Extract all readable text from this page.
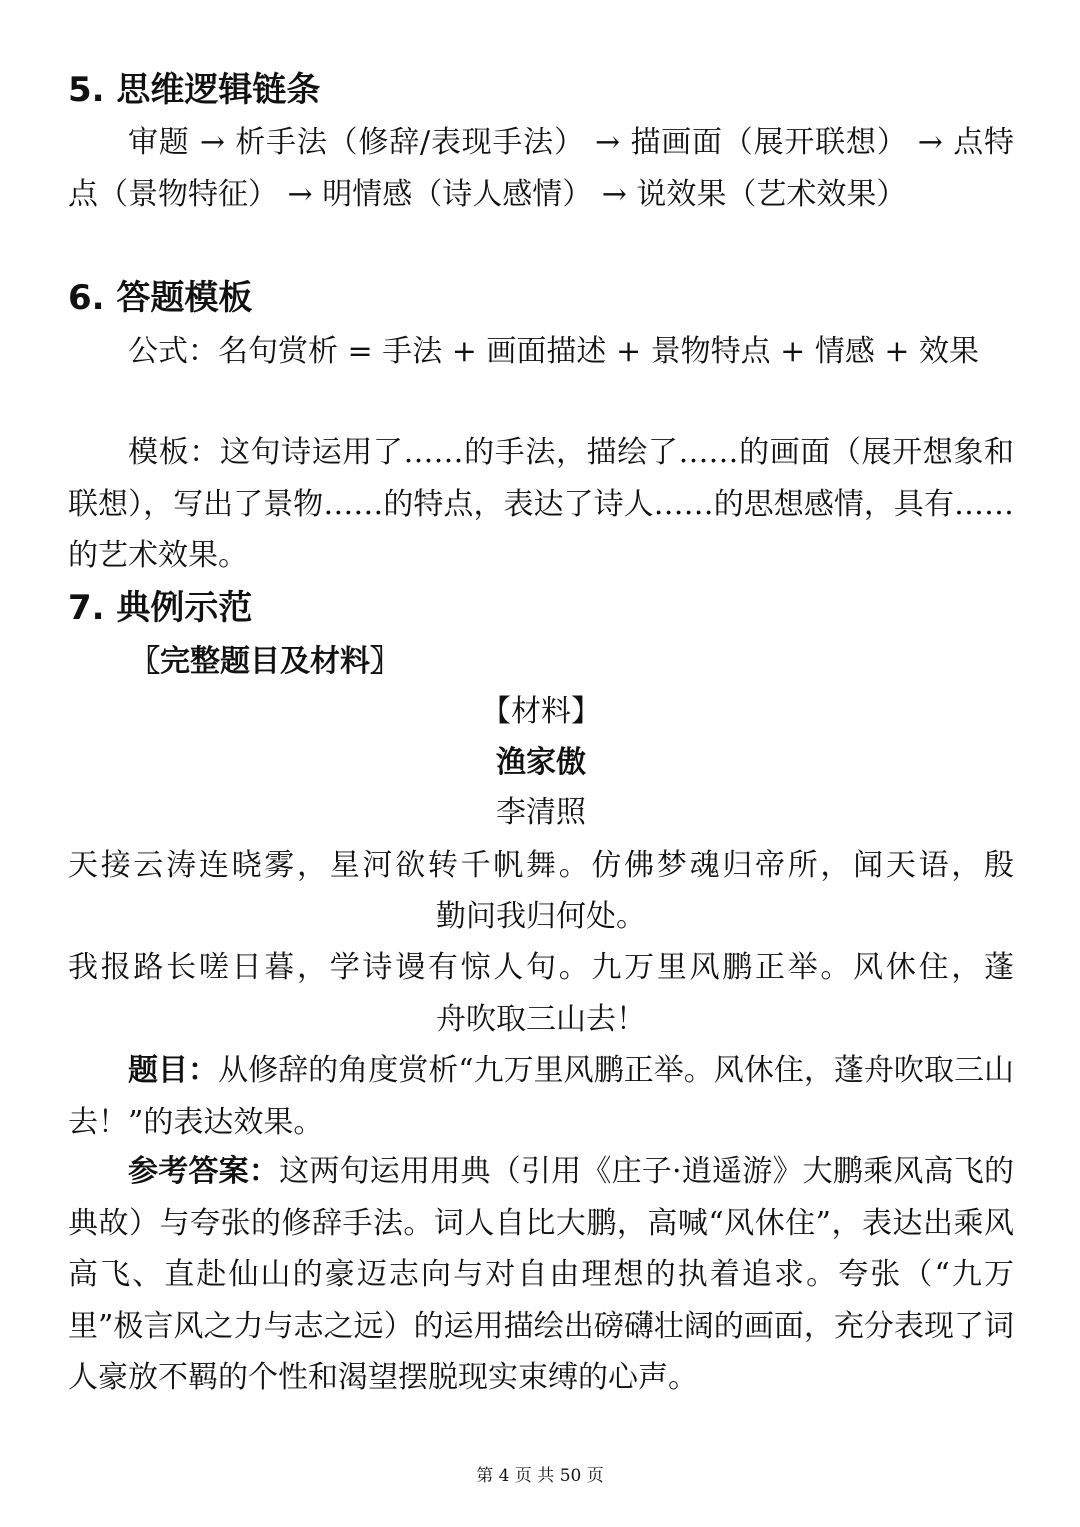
5. 思维逻辑链条

审题 → 析手法（修辞/表现手法） → 描画面（展开联想） → 点特点（景物特征） → 明情感（诗人感情） → 说效果（艺术效果）

6. 答题模板

公式：名句赏析 = 手法 + 画面描述 + 景物特点 + 情感 + 效果

模板：这句诗运用了……的手法，描绘了……的画面（展开想象和联想），写出了景物……的特点，表达了诗人……的思想感情，具有……的艺术效果。

7. 典例示范
〖完整题目及材料〗
【材料】
渔家傲
李清照
天接云涛连晓雾，星河欲转千帆舞。仿佛梦魂归帝所，闻天语，殷
勤问我归何处。
我报路长嗟日暮，学诗谩有惊人句。九万里风鹏正举。风休住，蓬
舟吹取三山去！

题目：从修辞的角度赏析“九万里风鹏正举。风休住，蓬舟吹取三山去！”的表达效果。

参考答案：这两句运用用典（引用《庄子·逍遥游》大鹏乘风高飞的典故）与夸张的修辞手法。词人自比大鹏，高喊“风休住”，表达出乘风高飞、直赴仙山的豪迈志向与对自由理想的执着追求。夸张（“九万里”极言风之力与志之远）的运用描绘出磅礴壮阔的画面，充分表现了词人豪放不羁的个性和渴望摆脱现实束缚的心声。

第 4 页 共 50 页
